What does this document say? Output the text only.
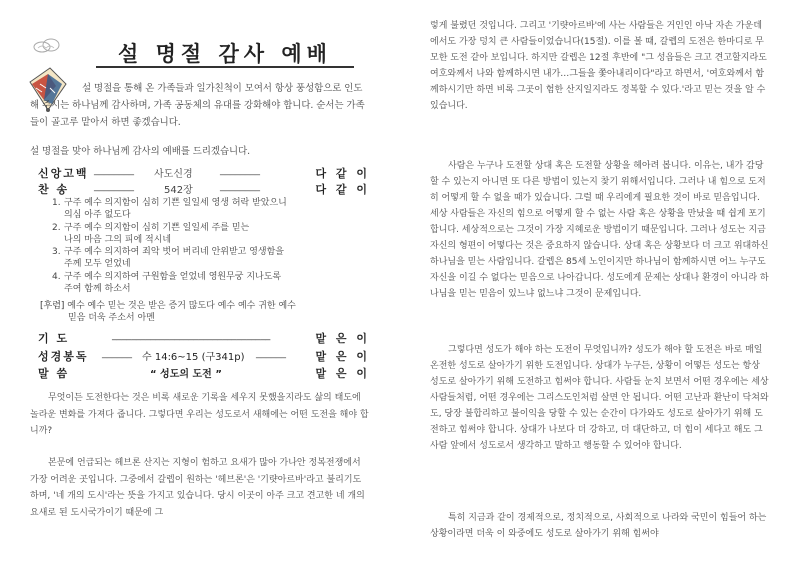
설 명절 감사 예배

설 명절을 통해 온 가족들과 일가친척이 모여서 항상 풍성함으로 인도해 주시는 하나님께 감사하며, 가족 공동체의 유대를 강화해야 합니다. 순서는 가족들이 골고루 맡아서 하면 좋겠습니다.

설 명절을 맞아 하나님께 감사의 예배를 드리겠습니다.

신앙고백 ________ 사도신경	________	다 같 이
찬 송 ________	542장	________	다 같 이
1. 구주 예수 의지함이 심히 기쁜 일일세 영생 허락 받았으니
의심 아주 없도다
2. 구주 예수 의지함이 심히 기쁜 일일세 주를 믿는
나의 마음 그의 피에 적시네
3. 구주 예수 의지하여 죄악 벗어 버리네 안위받고 영생함을
주께 모두 얻었네
4. 구주 예수 의지하여 구원함을 얻었네 영원무궁 지나도록
주여 함께 하소서

[후렴] 예수 예수 믿는 것은 받은 증거 많도다 예수 예수 귀한 예수
믿음 더욱 주소서 아멘

기 도	_________________________________	맡 은 이
성경봉독 ______ 수 14:6~15 (구341p) ______	맡 은 이
말 씀	“ 성도의 도전 ”	맡 은 이

무엇이든 도전한다는 것은 비록 새로운 기록을 세우지 못했을지라도 삶의 태도에 놀라운 변화를 가져다 줍니다. 그렇다면 우리는 성도로서 새해에는 어떤 도전을 해야 합니까?

본문에 언급되는 헤브론 산지는 지형이 험하고 요새가 많아 가나안 정복전쟁에서 가장 어려운 곳입니다. 그중에서 갈렙이 원하는 '헤브론'은 '기럇아르바'라고 불리기도 하며, '네 개의 도시'라는 뜻을 가지고 있습니다. 당시 이곳이 아주 크고 견고한 네 개의 요새로 된 도시국가이기 때문에 그

렇게 불렸던 것입니다. 그리고 '기럇아르바'에 사는 사람들은 거인인 아낙 자손 가운데에서도 가장 덩치 큰 사람들이었습니다(15절). 이를 볼 때, 갈렙의 도전은 한마디로 무모한 도전 같아 보입니다. 하지만 갈렙은 12절 후반에 "그 성읍들은 크고 견고할지라도 여호와께서 나와 함께하시면 내가…그들을 쫓아내리이다"라고 하면서, '여호와께서 함께하시기만 하면 비록 그곳이 험한 산지일지라도 정복할 수 있다.'라고 믿는 것을 알 수 있습니다.

사람은 누구나 도전할 상대 혹은 도전할 상황을 헤아려 봅니다. 이유는, 내가 감당할 수 있는지 아니면 또 다른 방법이 있는지 찾기 위해서입니다. 그러나 내 힘으로 도저히 어떻게 할 수 없을 때가 있습니다. 그럴 때 우리에게 필요한 것이 바로 믿음입니다. 세상 사람들은 자신의 힘으로 어떻게 할 수 없는 사람 혹은 상황을 만났을 때 쉽게 포기합니다. 세상적으로는 그것이 가장 지혜로운 방법이기 때문입니다. 그러나 성도는 지금 자신의 형편이 어떻다는 것은 중요하지 않습니다. 상대 혹은 상황보다 더 크고 위대하신 하나님을 믿는 사람입니다. 갈렙은 85세 노인이지만 하나님이 함께하시면 어느 누구도 자신을 이길 수 없다는 믿음으로 나아갑니다. 성도에게 문제는 상대나 환경이 아니라 하나님을 믿는 믿음이 있느냐 없느냐 그것이 문제입니다.

그렇다면 성도가 해야 하는 도전이 무엇입니까? 성도가 해야 할 도전은 바로 매일 온전한 성도로 살아가기 위한 도전입니다. 상대가 누구든, 상황이 어떻든 성도는 항상 성도로 살아가기 위해 도전하고 힘써야 합니다. 사람들 눈치 보면서 어떤 경우에는 세상 사람들처럼, 어떤 경우에는 그리스도인처럼 살면 안 됩니다. 어떤 고난과 환난이 닥쳐와도, 당장 불합리하고 불이익을 당할 수 있는 순간이 다가와도 성도로 살아가기 위해 도전하고 힘써야 합니다. 상대가 나보다 더 강하고, 더 대단하고, 더 힘이 세다고 해도 그 사람 앞에서 성도로서 생각하고 말하고 행동할 수 있어야 합니다.

특히 지금과 같이 경제적으로, 정치적으로, 사회적으로 나라와 국민이 힘들어 하는 상황이라면 더욱 이 와중에도 성도로 살아가기 위해 힘써야
